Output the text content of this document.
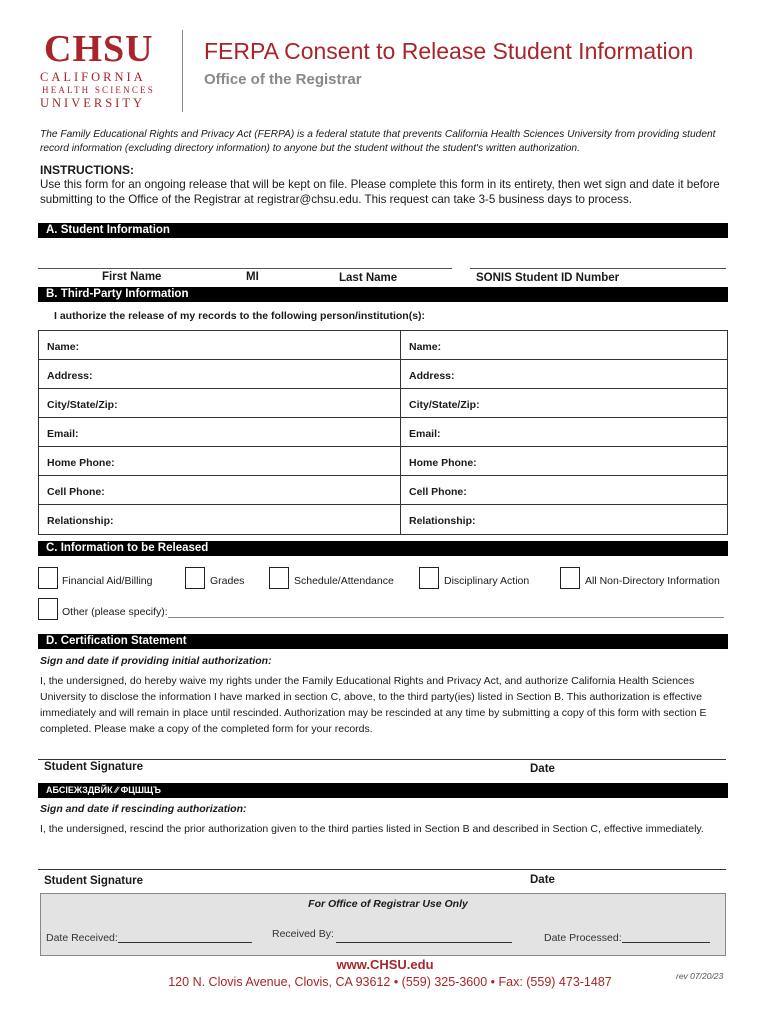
CHSU
CALIFORNIA
HEALTH SCIENCES
UNIVERSITY
FERPA Consent to Release Student Information
Office of the Registrar
The Family Educational Rights and Privacy Act (FERPA) is a federal statute that prevents California Health Sciences University from providing student record information (excluding directory information) to anyone but the student without the student's written authorization.
INSTRUCTIONS:
Use this form for an ongoing release that will be kept on file. Please complete this form in its entirety, then wet sign and date it before submitting to the Office of the Registrar at registrar@chsu.edu. This request can take 3-5 business days to process.
A. Student Information
First Name	MI	Last Name	SONIS Student ID Number
B. Third-Party Information
I authorize the release of my records to the following person/institution(s):
Name:	Name:
Address:	Address:
City/State/Zip:	City/State/Zip:
Email:	Email:
Home Phone:	Home Phone:
Cell Phone:	Cell Phone:
Relationship:	Relationship:
C. Information to be Released
Financial Aid/Billing	Grades	Schedule/Attendance	Disciplinary Action	All Non-Directory Information
Other (please specify):
D. Certification Statement
Sign and date if providing initial authorization:
I, the undersigned, do hereby waive my rights under the Family Educational Rights and Privacy Act, and authorize California Health Sciences University to disclose the information I have marked in section C, above, to the third party(ies) listed in Section B. This authorization is effective immediately and will remain in place until rescinded. Authorization may be rescinded at any time by submitting a copy of this form with section E completed. Please make a copy of the completed form for your records.
Student Signature	Date
АБСІЕЖЗДВЙК ∕∕ ФЦШЩЪ
Sign and date if rescinding authorization:
I, the undersigned, rescind the prior authorization given to the third parties listed in Section B and described in Section C, effective immediately.
Student Signature	Date
For Office of Registrar Use Only
Date Received:	Received By:	Date Processed:
www.CHSU.edu
120 N. Clovis Avenue, Clovis, CA 93612 • (559) 325-3600 • Fax: (559) 473-1487	rev 07/20/23
